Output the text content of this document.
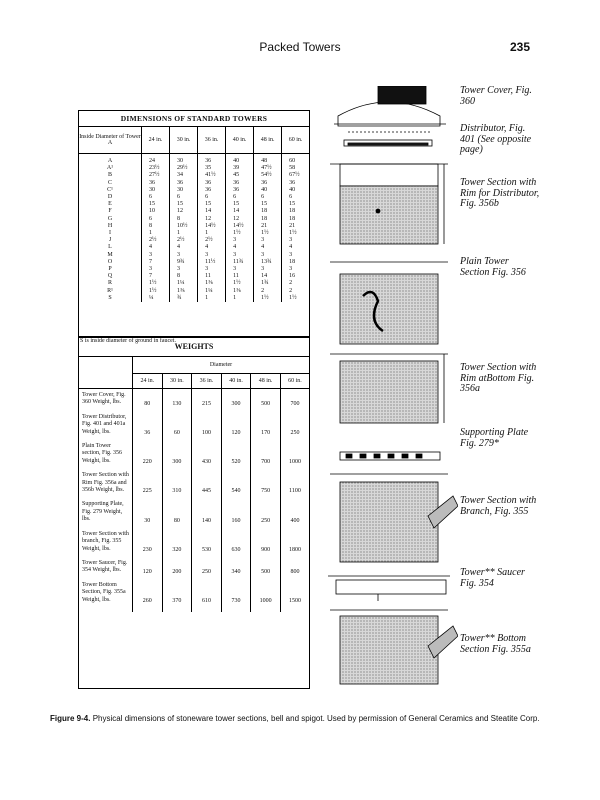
Packed Towers	235
DIMENSIONS OF STANDARD TOWERS
Inside Diameter of Tower A	24 in.	30 in.	36 in.	40 in.	48 in.	60 in.
A	24	30	36	40	48	60
A¹	23½	29½	35	39	47½	58
B	27½	34	41½	45	54½	67½
C	36	36	36	36	36	36
C¹	30	30	36	36	40	40
D	6	6	6	6	6	6
E	15	15	15	15	15	15
F	10	12	14	14	18	18
G	6	8	12	12	18	18
H	8	10½	14½	14½	21	21
I	1	1	1	1½	1½	1½
J	2½	2½	2½	3	3	3
L	4	4	4	4	4	4
M	3	3	3	3	3	3
O	7	9¾	11½	11¾	13¾	18
P	3	3	3	3	3	3
Q	7	8	11	11	14	16
R	1½	1¼	1⅜	1½	1¾	2
R¹	1½	1⅜	1¼	1⅜	2	2
S	¼	¾	1	1	1½	1½
S is inside diameter of ground in faucet.
WEIGHTS
	Diameter					
	24 in.	30 in.	36 in.	40 in.	48 in.	60 in.
Tower Cover, Fig. 360 Weight, lbs.	80	130	215	300	500	700
Tower Distributor, Fig. 401 and 401a Weight, lbs.	36	60	100	120	170	250
Plain Tower section, Fig. 356 Weight, lbs.	220	300	430	520	700	1000
Tower Section with Rim Fig. 356a and 356b Weight, lbs.	225	310	445	540	750	1100
Supporting Plate, Fig. 279 Weight, lbs.	30	80	140	160	250	400
Tower Section with branch, Fig. 355 Weight, lbs.	230	320	530	630	900	1800
Tower Saucer, Fig. 354 Weight, lbs.	120	200	250	340	500	800
Tower Bottom Section, Fig. 355a Weight, lbs.	260	370	610	730	1000	1500
Tower Cover, Fig. 360
Distributor, Fig. 401 (See opposite page)
Tower Section with Rim for Distributor, Fig. 356b
Plain Tower Section Fig. 356
Tower Section with Rim atBottom Fig. 356a
Supporting Plate Fig. 279*
Tower Section with Branch, Fig. 355
Tower** Saucer Fig. 354
Tower** Bottom Section Fig. 355a
Figure 9-4. Physical dimensions of stoneware tower sections, bell and spigot. Used by permission of General Ceramics and Steatite Corp.
